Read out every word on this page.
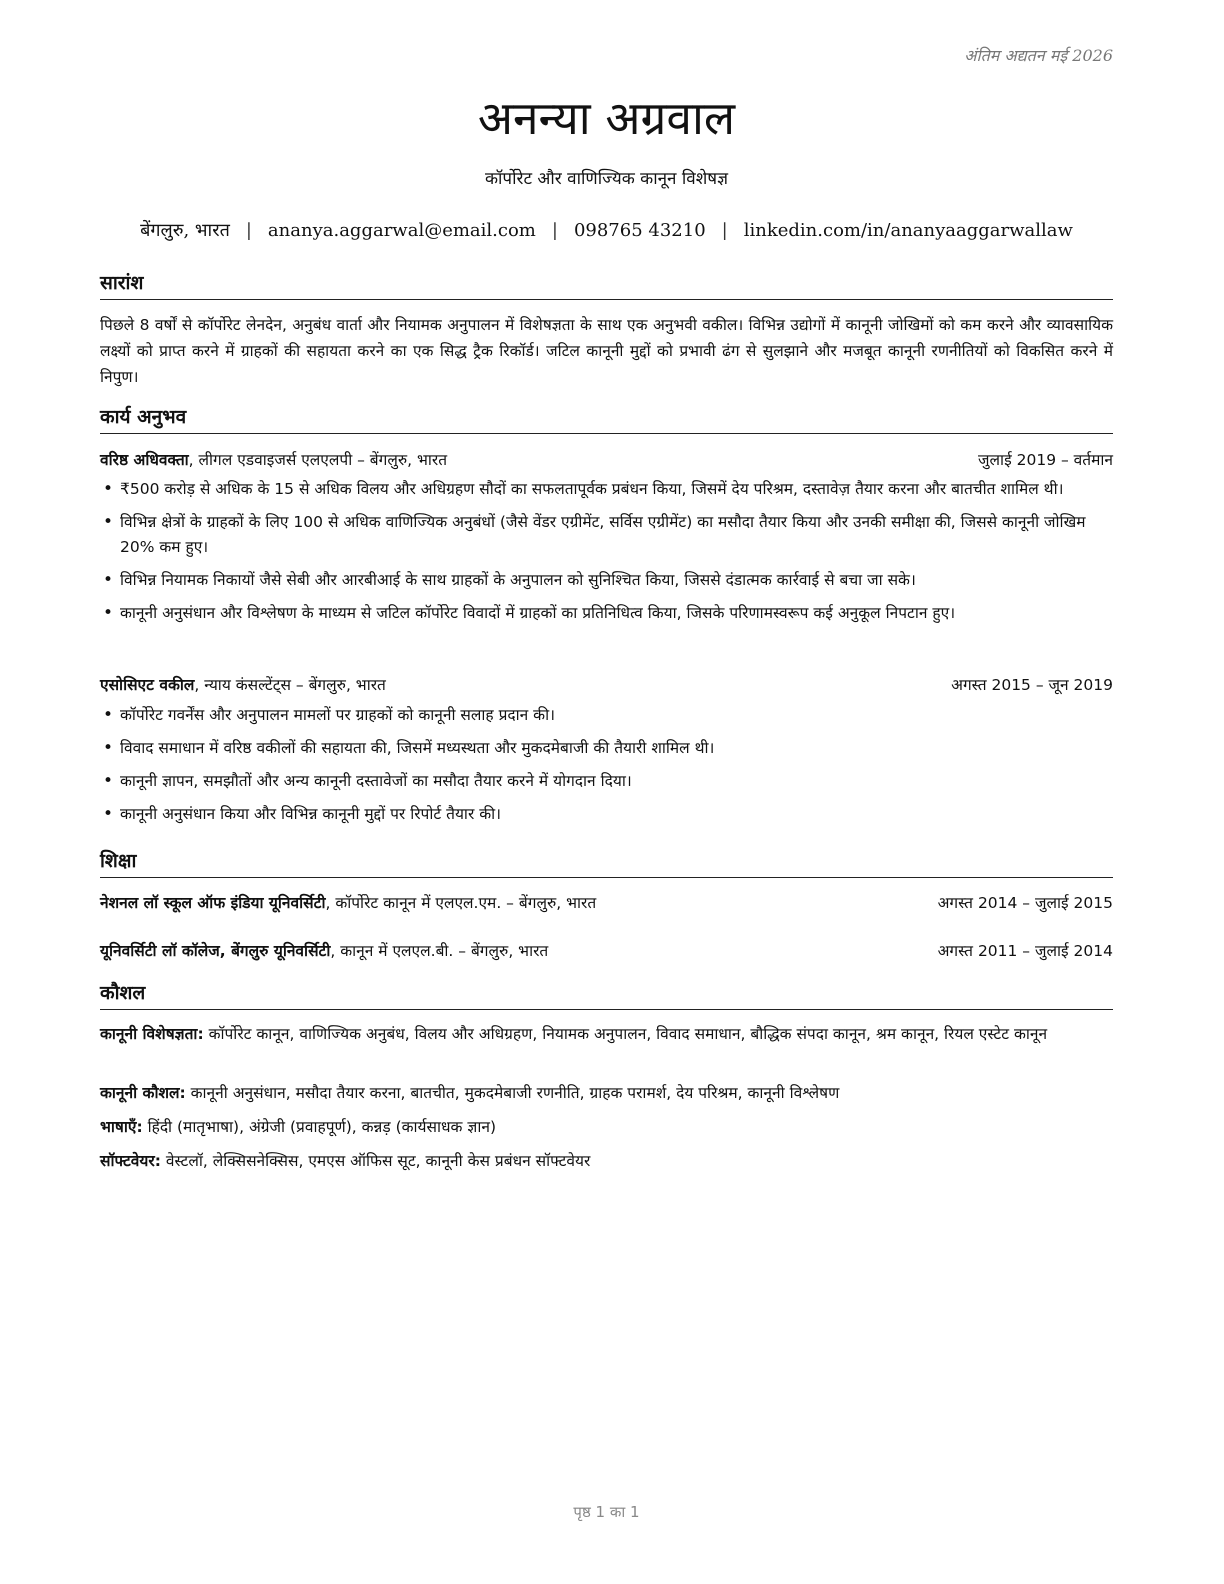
अंतिम अद्यतन मई 2026
अनन्या अग्रवाल
कॉर्पोरेट और वाणिज्यिक कानून विशेषज्ञ
बेंगलुरु, भारत | ananya.aggarwal@email.com | 098765 43210 | linkedin.com/in/ananyaaggarwallaw
सारांश
पिछले 8 वर्षों से कॉर्पोरेट लेनदेन, अनुबंध वार्ता और नियामक अनुपालन में विशेषज्ञता के साथ एक अनुभवी वकील। विभिन्न उद्योगों में कानूनी जोखिमों को कम करने और व्यावसायिक लक्ष्यों को प्राप्त करने में ग्राहकों की सहायता करने का एक सिद्ध ट्रैक रिकॉर्ड। जटिल कानूनी मुद्दों को प्रभावी ढंग से सुलझाने और मजबूत कानूनी रणनीतियों को विकसित करने में निपुण।
कार्य अनुभव
वरिष्ठ अधिवक्ता, लीगल एडवाइजर्स एलएलपी – बेंगलुरु, भारत	जुलाई 2019 – वर्तमान
• ₹500 करोड़ से अधिक के 15 से अधिक विलय और अधिग्रहण सौदों का सफलतापूर्वक प्रबंधन किया, जिसमें देय परिश्रम, दस्तावेज़ तैयार करना और बातचीत शामिल थी।
• विभिन्न क्षेत्रों के ग्राहकों के लिए 100 से अधिक वाणिज्यिक अनुबंधों (जैसे वेंडर एग्रीमेंट, सर्विस एग्रीमेंट) का मसौदा तैयार किया और उनकी समीक्षा की, जिससे कानूनी जोखिम 20% कम हुए।
• विभिन्न नियामक निकायों जैसे सेबी और आरबीआई के साथ ग्राहकों के अनुपालन को सुनिश्चित किया, जिससे दंडात्मक कार्रवाई से बचा जा सके।
• कानूनी अनुसंधान और विश्लेषण के माध्यम से जटिल कॉर्पोरेट विवादों में ग्राहकों का प्रतिनिधित्व किया, जिसके परिणामस्वरूप कई अनुकूल निपटान हुए।
एसोसिएट वकील, न्याय कंसल्टेंट्स – बेंगलुरु, भारत	अगस्त 2015 – जून 2019
• कॉर्पोरेट गवर्नेंस और अनुपालन मामलों पर ग्राहकों को कानूनी सलाह प्रदान की।
• विवाद समाधान में वरिष्ठ वकीलों की सहायता की, जिसमें मध्यस्थता और मुकदमेबाजी की तैयारी शामिल थी।
• कानूनी ज्ञापन, समझौतों और अन्य कानूनी दस्तावेजों का मसौदा तैयार करने में योगदान दिया।
• कानूनी अनुसंधान किया और विभिन्न कानूनी मुद्दों पर रिपोर्ट तैयार की।
शिक्षा
नेशनल लॉ स्कूल ऑफ इंडिया यूनिवर्सिटी, कॉर्पोरेट कानून में एलएल.एम. – बेंगलुरु, भारत	अगस्त 2014 – जुलाई 2015
यूनिवर्सिटी लॉ कॉलेज, बेंगलुरु यूनिवर्सिटी, कानून में एलएल.बी. – बेंगलुरु, भारत	अगस्त 2011 – जुलाई 2014
कौशल
कानूनी विशेषज्ञता: कॉर्पोरेट कानून, वाणिज्यिक अनुबंध, विलय और अधिग्रहण, नियामक अनुपालन, विवाद समाधान, बौद्धिक संपदा कानून, श्रम कानून, रियल एस्टेट कानून
कानूनी कौशल: कानूनी अनुसंधान, मसौदा तैयार करना, बातचीत, मुकदमेबाजी रणनीति, ग्राहक परामर्श, देय परिश्रम, कानूनी विश्लेषण
भाषाएँ: हिंदी (मातृभाषा), अंग्रेजी (प्रवाहपूर्ण), कन्नड़ (कार्यसाधक ज्ञान)
सॉफ्टवेयर: वेस्टलॉ, लेक्सिसनेक्सिस, एमएस ऑफिस सूट, कानूनी केस प्रबंधन सॉफ्टवेयर
पृष्ठ 1 का 1
